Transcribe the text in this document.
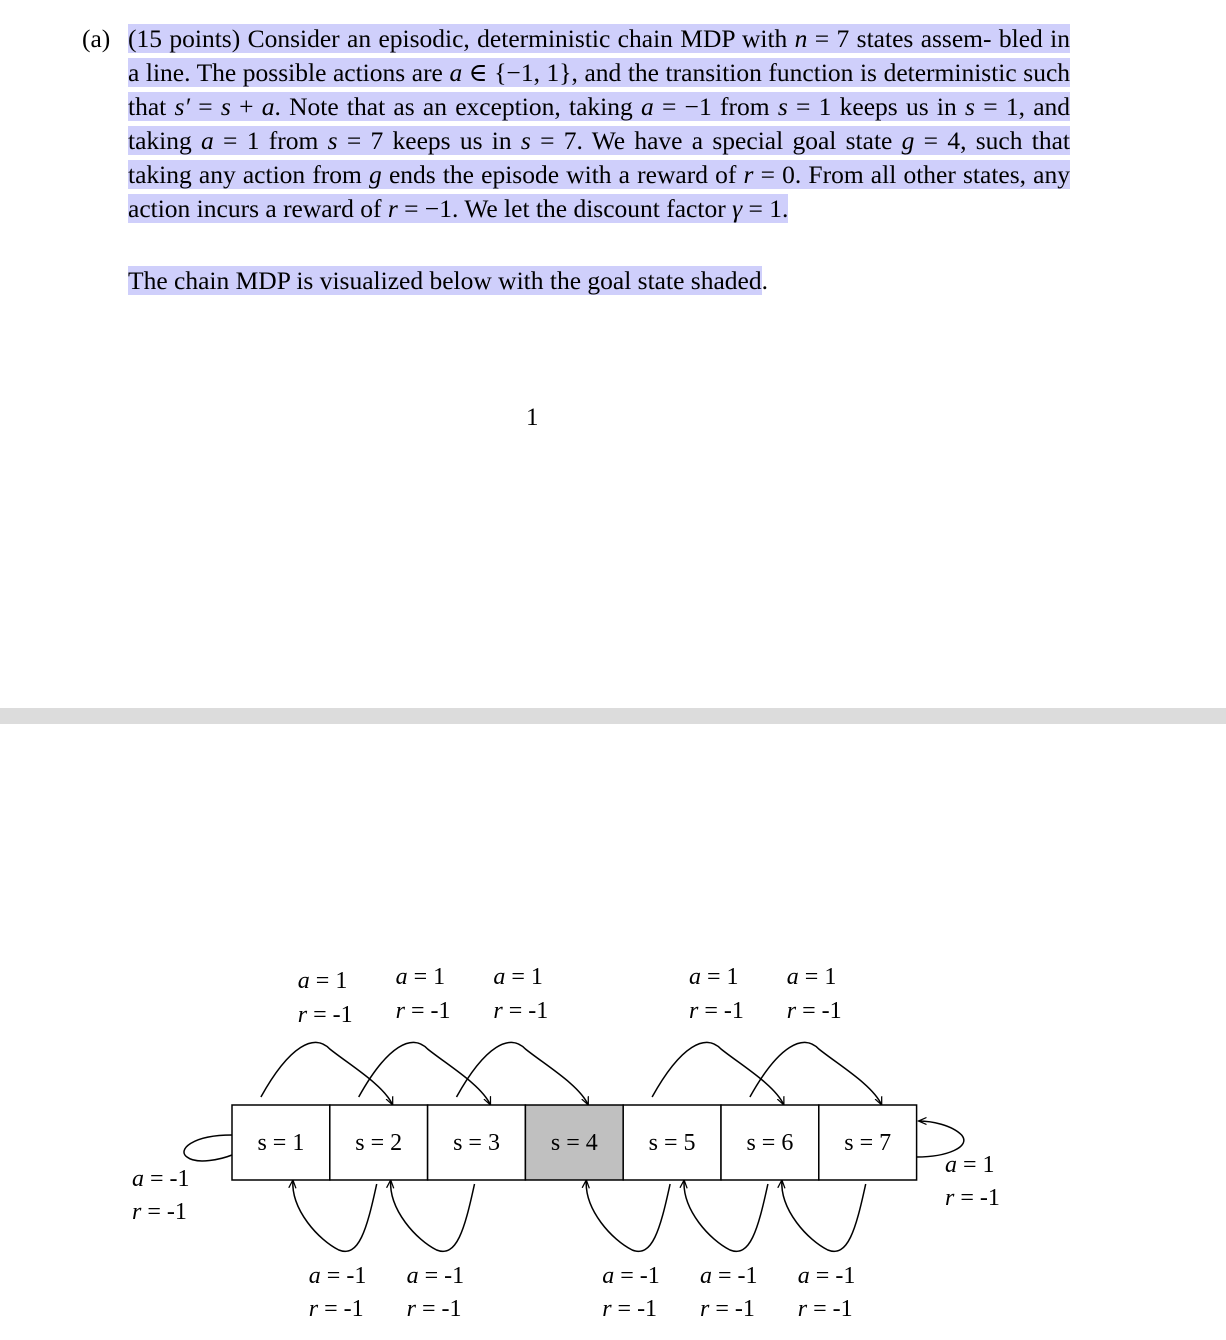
(a) (15 points) Consider an episodic, deterministic chain MDP with n = 7 states assem- bled in a line. The possible actions are a ∈ {−1, 1}, and the transition function is deterministic such that s′ = s + a. Note that as an exception, taking a = −1 from s = 1 keeps us in s = 1, and taking a = 1 from s = 7 keeps us in s = 7. We have a special goal state g = 4, such that taking any action from g ends the episode with a reward of r = 0. From all other states, any action incurs a reward of r = −1. We let the discount factor γ = 1.
The chain MDP is visualized below with the goal state shaded.
1
s = 1 s = 2 s = 3 s = 4 s = 5 s = 6 s = 7
a = 1
r = -1
a = 1
r = -1
a = 1
r = -1
a = 1
r = -1
a = 1
r = -1
a = -1
r = -1
a = -1
r = -1
a = -1
r = -1
a = -1
r = -1
a = -1
r = -1
a = -1
r = -1
a = 1
r = -1
